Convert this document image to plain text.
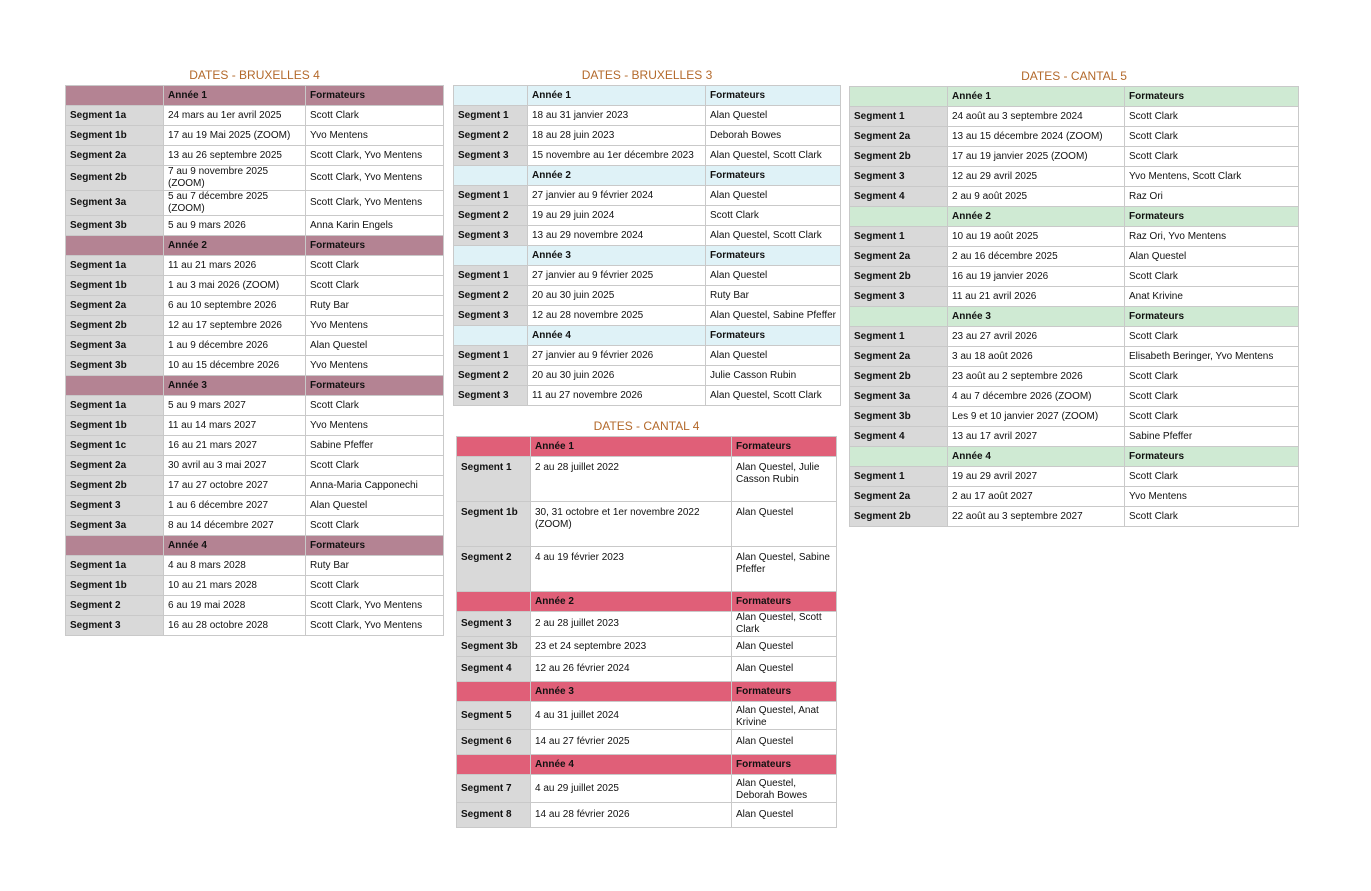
DATES - BRUXELLES 4
	Année 1	Formateurs
Segment 1a	24 mars au 1er avril 2025	Scott Clark
Segment 1b	17 au 19 Mai 2025 (ZOOM)	Yvo Mentens
Segment 2a	13 au 26 septembre 2025	Scott Clark, Yvo Mentens
Segment 2b	7 au 9 novembre 2025 (ZOOM)	Scott Clark, Yvo Mentens
Segment 3a	5 au 7 décembre 2025 (ZOOM)	Scott Clark, Yvo Mentens
Segment 3b	5 au 9 mars 2026	Anna Karin Engels
	Année 2	Formateurs
Segment 1a	11 au 21 mars 2026	Scott Clark
Segment 1b	1 au 3 mai 2026 (ZOOM)	Scott Clark
Segment 2a	6 au 10 septembre 2026	Ruty Bar
Segment 2b	12 au 17 septembre 2026	Yvo Mentens
Segment 3a	1 au 9 décembre 2026	Alan Questel
Segment 3b	10 au 15 décembre 2026	Yvo Mentens
	Année 3	Formateurs
Segment 1a	5 au 9 mars 2027	Scott Clark
Segment 1b	11 au 14 mars 2027	Yvo Mentens
Segment 1c	16 au 21 mars 2027	Sabine Pfeffer
Segment 2a	30 avril au 3 mai 2027	Scott Clark
Segment 2b	17 au 27 octobre 2027	Anna-Maria Capponechi
Segment 3	1 au 6 décembre 2027	Alan Questel
Segment 3a	8 au 14 décembre 2027	Scott Clark
	Année 4	Formateurs
Segment 1a	4 au 8 mars 2028	Ruty Bar
Segment 1b	10 au 21 mars 2028	Scott Clark
Segment 2	6 au 19 mai 2028	Scott Clark, Yvo Mentens
Segment 3	16 au 28 octobre 2028	Scott Clark, Yvo Mentens
DATES - BRUXELLES 3
	Année 1	Formateurs
Segment 1	18 au 31 janvier 2023	Alan Questel
Segment 2	18 au 28 juin 2023	Deborah Bowes
Segment 3	15 novembre au 1er décembre 2023	Alan Questel, Scott Clark
	Année 2	Formateurs
Segment 1	27 janvier au 9 février 2024	Alan Questel
Segment 2	19 au 29 juin 2024	Scott Clark
Segment 3	13 au 29 novembre 2024	Alan Questel, Scott Clark
	Année 3	Formateurs
Segment 1	27 janvier au 9 février 2025	Alan Questel
Segment 2	20 au 30 juin 2025	Ruty Bar
Segment 3	12 au 28 novembre 2025	Alan Questel, Sabine Pfeffer
	Année 4	Formateurs
Segment 1	27 janvier au 9 février 2026	Alan Questel
Segment 2	20 au 30 juin 2026	Julie Casson Rubin
Segment 3	11 au 27 novembre 2026	Alan Questel, Scott Clark
DATES - CANTAL 4
	Année 1	Formateurs
Segment 1	2 au 28 juillet 2022	Alan Questel, Julie Casson Rubin
Segment 1b	30, 31 octobre et 1er novembre 2022 (ZOOM)	Alan Questel
Segment 2	4 au 19 février 2023	Alan Questel, Sabine Pfeffer
	Année 2	Formateurs
Segment 3	2 au 28 juillet 2023	Alan Questel, Scott Clark
Segment 3b	23 et 24 septembre 2023	Alan Questel
Segment 4	12 au 26 février 2024	Alan Questel
	Année 3	Formateurs
Segment 5	4 au 31 juillet 2024	Alan Questel, Anat Krivine
Segment 6	14 au 27 février 2025	Alan Questel
	Année 4	Formateurs
Segment 7	4 au 29 juillet 2025	Alan Questel, Deborah Bowes
Segment 8	14 au 28 février 2026	Alan Questel
DATES - CANTAL 5
	Année 1	Formateurs
Segment 1	24 août au 3 septembre 2024	Scott Clark
Segment 2a	13 au 15 décembre 2024 (ZOOM)	Scott Clark
Segment 2b	17 au 19 janvier 2025 (ZOOM)	Scott Clark
Segment 3	12 au 29 avril 2025	Yvo Mentens, Scott Clark
Segment 4	2 au 9 août 2025	Raz Ori
	Année 2	Formateurs
Segment 1	10 au 19 août 2025	Raz Ori, Yvo Mentens
Segment 2a	2 au 16 décembre 2025	Alan Questel
Segment 2b	16 au 19 janvier 2026	Scott Clark
Segment 3	11 au 21 avril 2026	Anat Krivine
	Année 3	Formateurs
Segment 1	23 au 27 avril 2026	Scott Clark
Segment 2a	3 au 18 août 2026	Elisabeth Beringer, Yvo Mentens
Segment 2b	23 août au 2 septembre 2026	Scott Clark
Segment 3a	4 au 7 décembre 2026 (ZOOM)	Scott Clark
Segment 3b	Les 9 et 10 janvier 2027 (ZOOM)	Scott Clark
Segment 4	13 au 17 avril 2027	Sabine Pfeffer
	Année 4	Formateurs
Segment 1	19 au 29 avril 2027	Scott Clark
Segment 2a	2 au 17 août 2027	Yvo Mentens
Segment 2b	22 août au 3 septembre 2027	Scott Clark
